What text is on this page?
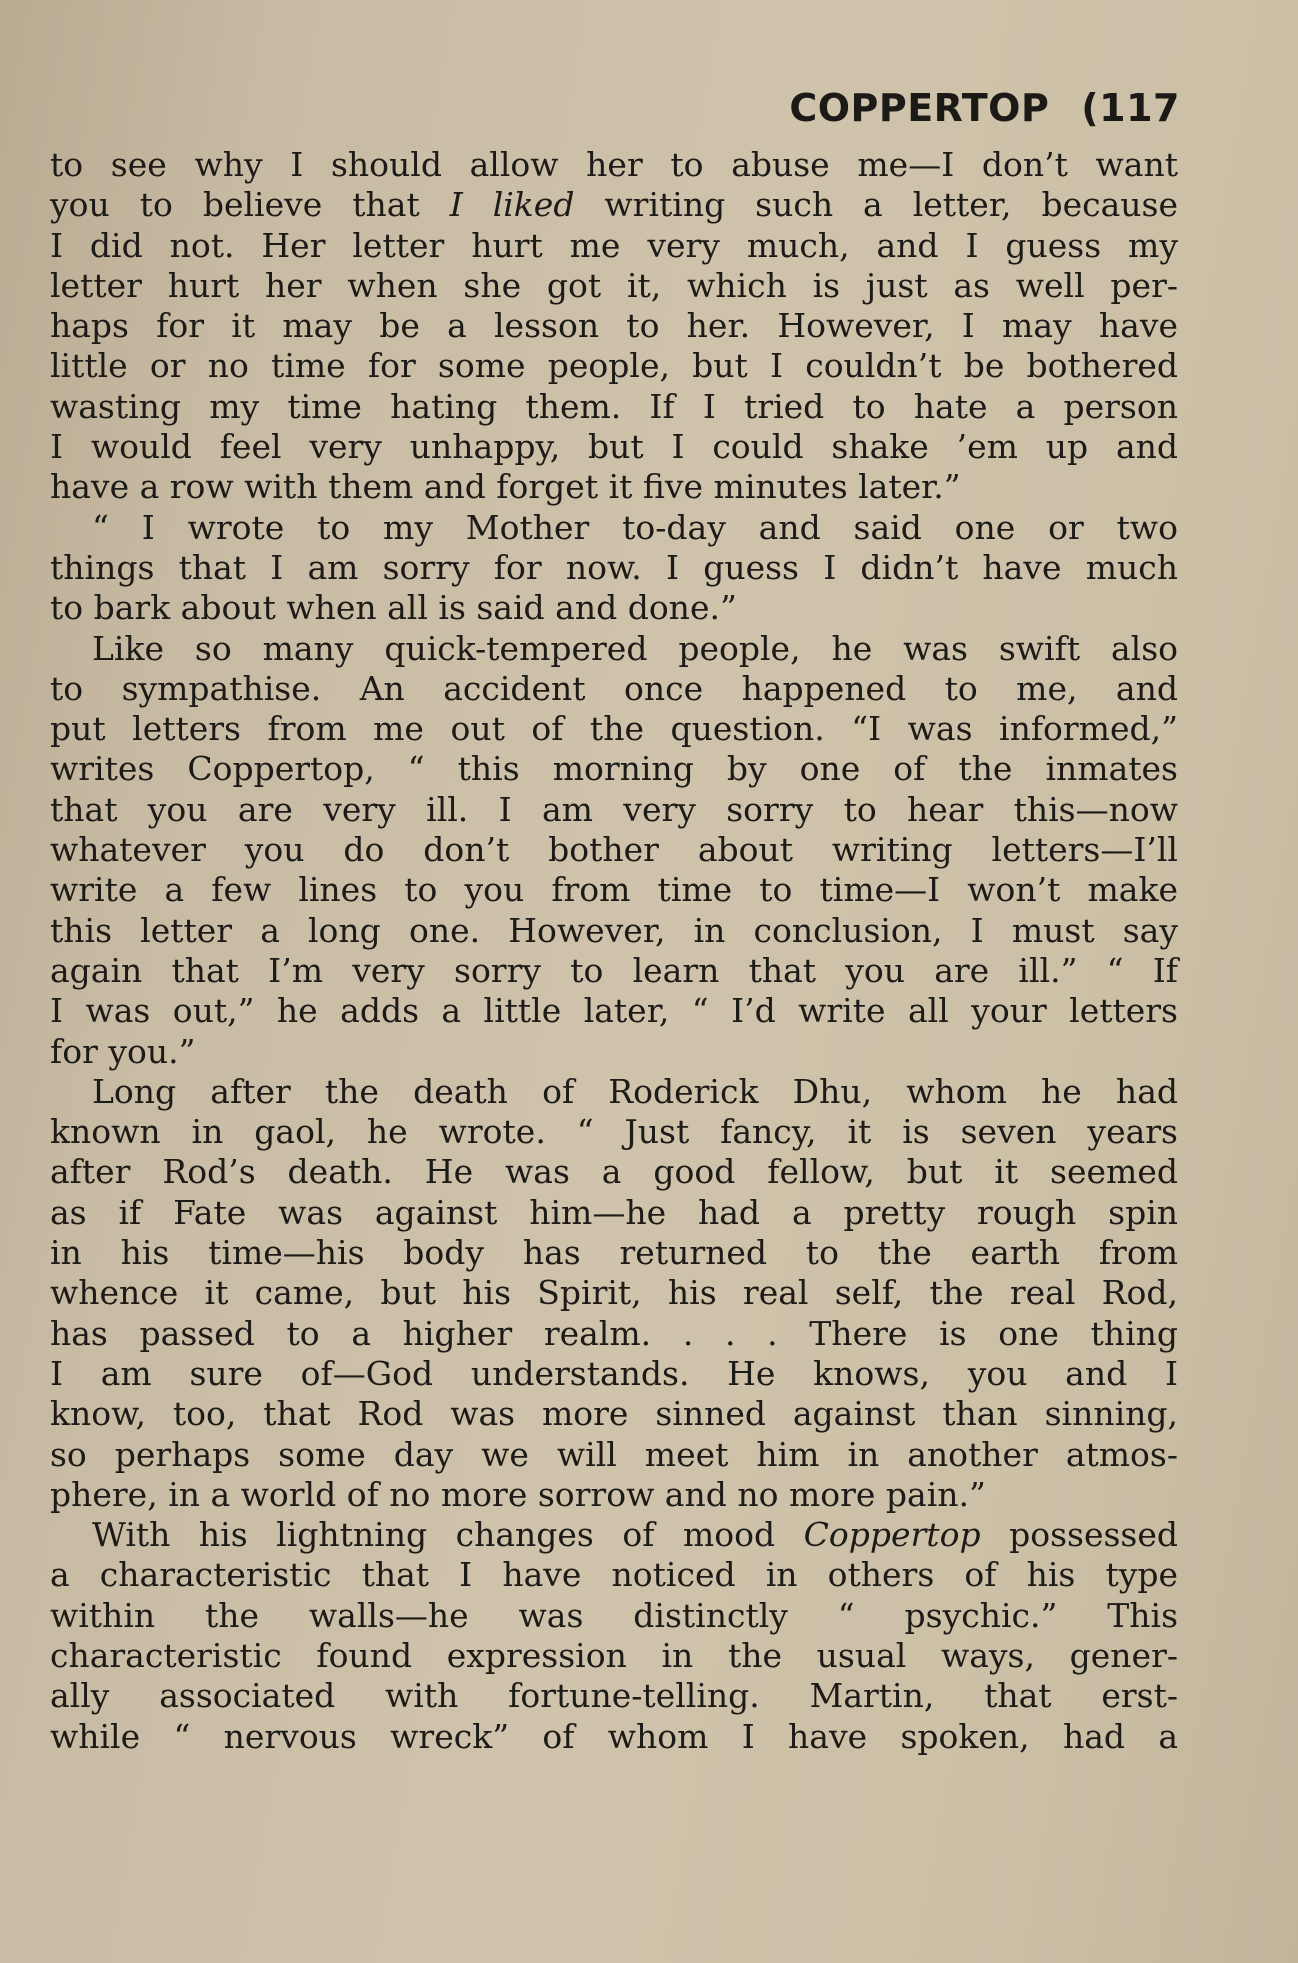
COPPERTOP (117
to see why I should allow her to abuse me—I don’t want
you to believe that I liked writing such a letter, because
I did not. Her letter hurt me very much, and I guess my
letter hurt her when she got it, which is just as well per-
haps for it may be a lesson to her. However, I may have
little or no time for some people, but I couldn’t be bothered
wasting my time hating them. If I tried to hate a person
I would feel very unhappy, but I could shake ’em up and
have a row with them and forget it five minutes later.”
“ I wrote to my Mother to-day and said one or two
things that I am sorry for now. I guess I didn’t have much
to bark about when all is said and done.”
Like so many quick-tempered people, he was swift also
to sympathise. An accident once happened to me, and
put letters from me out of the question. “I was informed,”
writes Coppertop, “ this morning by one of the inmates
that you are very ill. I am very sorry to hear this—now
whatever you do don’t bother about writing letters—I’ll
write a few lines to you from time to time—I won’t make
this letter a long one. However, in conclusion, I must say
again that I’m very sorry to learn that you are ill.” “ If
I was out,” he adds a little later, “ I’d write all your letters
for you.”
Long after the death of Roderick Dhu, whom he had
known in gaol, he wrote. “ Just fancy, it is seven years
after Rod’s death. He was a good fellow, but it seemed
as if Fate was against him—he had a pretty rough spin
in his time—his body has returned to the earth from
whence it came, but his Spirit, his real self, the real Rod,
has passed to a higher realm. . . . There is one thing
I am sure of—God understands. He knows, you and I
know, too, that Rod was more sinned against than sinning,
so perhaps some day we will meet him in another atmos-
phere, in a world of no more sorrow and no more pain.”
With his lightning changes of mood Coppertop possessed
a characteristic that I have noticed in others of his type
within the walls—he was distinctly “ psychic.” This
characteristic found expression in the usual ways, gener-
ally associated with fortune-telling. Martin, that erst-
while “ nervous wreck” of whom I have spoken, had a
